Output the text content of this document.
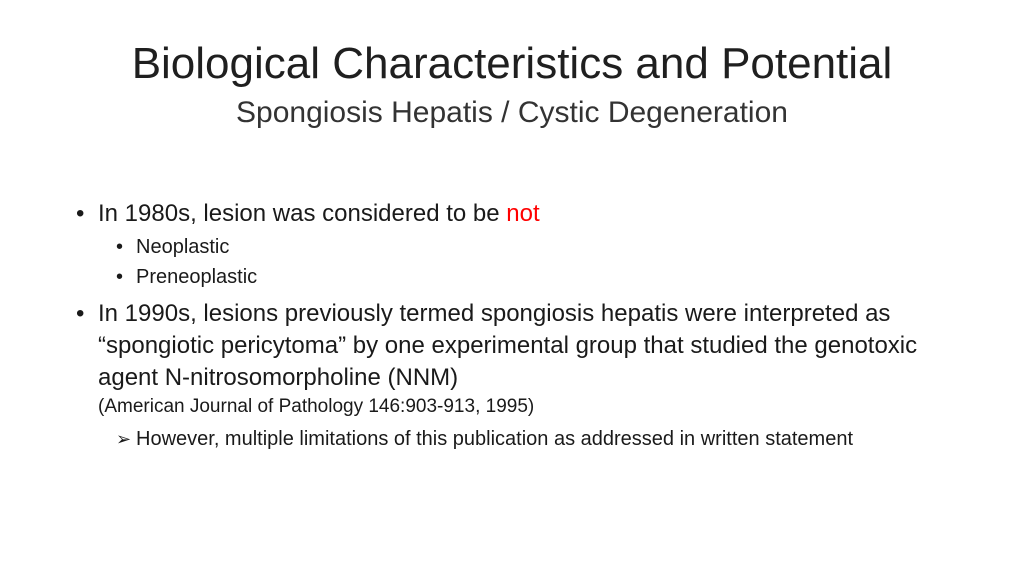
Biological Characteristics and Potential
Spongiosis Hepatis / Cystic Degeneration
• In 1980s, lesion was considered to be not
• Neoplastic
• Preneoplastic
• In 1990s, lesions previously termed spongiosis hepatis were interpreted as “spongiotic pericytoma” by one experimental group that studied the genotoxic agent N-nitrosomorpholine (NNM)
(American Journal of Pathology 146:903-913, 1995)
➢ However, multiple limitations of this publication as addressed in written statement
